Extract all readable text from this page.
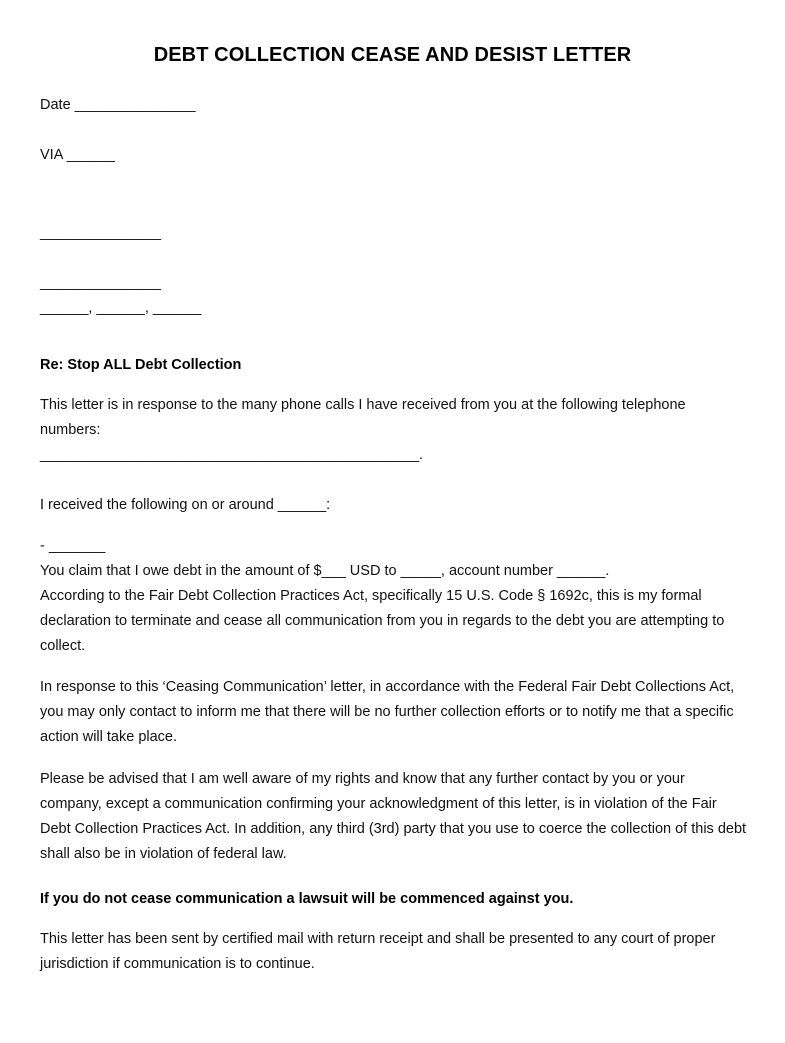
DEBT COLLECTION CEASE AND DESIST LETTER
Date _______________
VIA ______
_______________
_______________
______, ______, ______
Re: Stop ALL Debt Collection
This letter is in response to the many phone calls I have received from you at the following telephone numbers:
_______________________________________________.
I received the following on or around ______:
- _______
You claim that I owe debt in the amount of $___ USD to _____, account number ______.
According to the Fair Debt Collection Practices Act, specifically 15 U.S. Code § 1692c, this is my formal declaration to terminate and cease all communication from you in regards to the debt you are attempting to collect.
In response to this ‘Ceasing Communication’ letter, in accordance with the Federal Fair Debt Collections Act, you may only contact to inform me that there will be no further collection efforts or to notify me that a specific action will take place.
Please be advised that I am well aware of my rights and know that any further contact by you or your company, except a communication confirming your acknowledgment of this letter, is in violation of the Fair Debt Collection Practices Act. In addition, any third (3rd) party that you use to coerce the collection of this debt shall also be in violation of federal law.
If you do not cease communication a lawsuit will be commenced against you.
This letter has been sent by certified mail with return receipt and shall be presented to any court of proper jurisdiction if communication is to continue.
